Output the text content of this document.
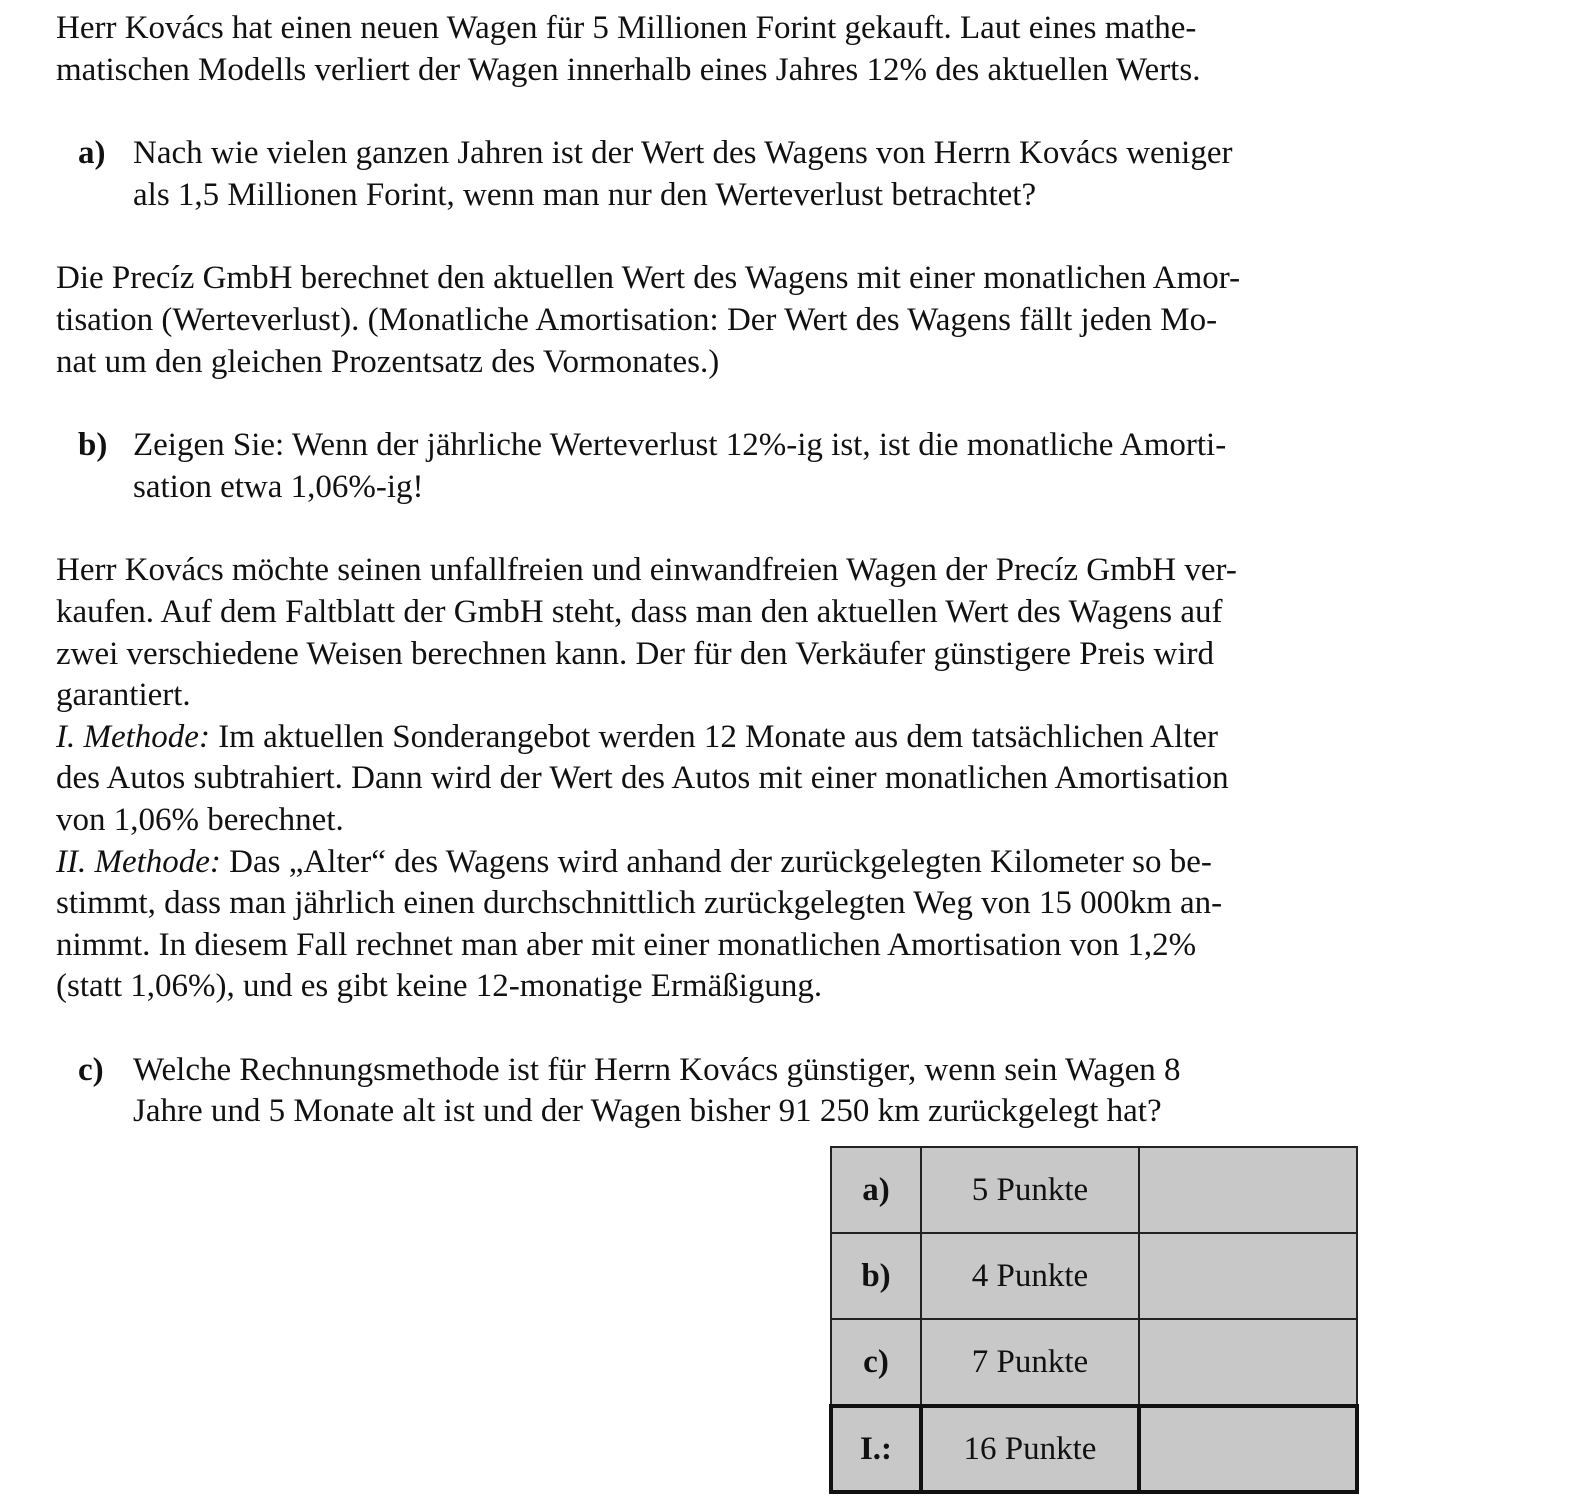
Herr Kovács hat einen neuen Wagen für 5 Millionen Forint gekauft. Laut eines mathe-
matischen Modells verliert der Wagen innerhalb eines Jahres 12% des aktuellen Werts.
a) Nach wie vielen ganzen Jahren ist der Wert des Wagens von Herrn Kovács weniger
als 1,5 Millionen Forint, wenn man nur den Werteverlust betrachtet?
Die Precíz GmbH berechnet den aktuellen Wert des Wagens mit einer monatlichen Amor-
tisation (Werteverlust). (Monatliche Amortisation: Der Wert des Wagens fällt jeden Mo-
nat um den gleichen Prozentsatz des Vormonates.)
b) Zeigen Sie: Wenn der jährliche Werteverlust 12%-ig ist, ist die monatliche Amorti-
sation etwa 1,06%-ig!
Herr Kovács möchte seinen unfallfreien und einwandfreien Wagen der Precíz GmbH ver-
kaufen. Auf dem Faltblatt der GmbH steht, dass man den aktuellen Wert des Wagens auf
zwei verschiedene Weisen berechnen kann. Der für den Verkäufer günstigere Preis wird
garantiert.
I. Methode: Im aktuellen Sonderangebot werden 12 Monate aus dem tatsächlichen Alter
des Autos subtrahiert. Dann wird der Wert des Autos mit einer monatlichen Amortisation
von 1,06% berechnet.
II. Methode: Das „Alter“ des Wagens wird anhand der zurückgelegten Kilometer so be-
stimmt, dass man jährlich einen durchschnittlich zurückgelegten Weg von 15 000km an-
nimmt. In diesem Fall rechnet man aber mit einer monatlichen Amortisation von 1,2%
(statt 1,06%), und es gibt keine 12-monatige Ermäßigung.
c) Welche Rechnungsmethode ist für Herrn Kovács günstiger, wenn sein Wagen 8
Jahre und 5 Monate alt ist und der Wagen bisher 91 250 km zurückgelegt hat?
a)	5 Punkte	
b)	4 Punkte	
c)	7 Punkte	
I.:	16 Punkte	
